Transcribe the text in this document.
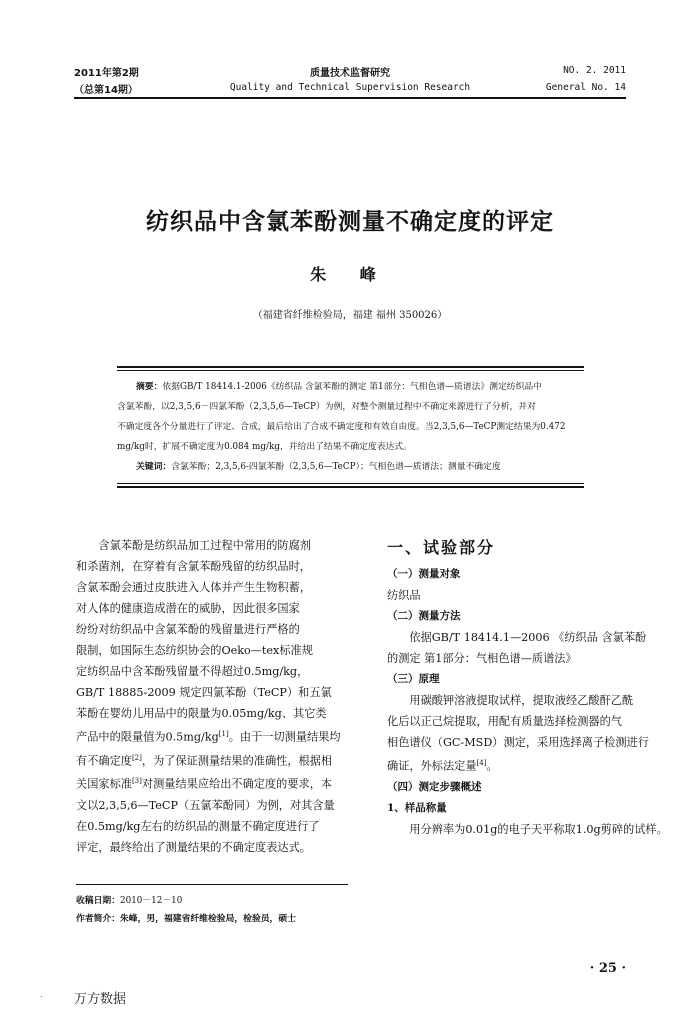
2011年第2期
（总第14期）
质量技术监督研究
Quality and Technical Supervision Research
NO. 2. 2011
General No. 14
纺织品中含氯苯酚测量不确定度的评定
朱 峰
（福建省纤维检验局，福建 福州 350026）
摘要：依据GB/T 18414.1-2006《纺织品 含氯苯酚的测定 第1部分：气相色谱—质谱法》测定纺织品中
含氯苯酚，以2,3,5,6－四氯苯酚（2,3,5,6—TeCP）为例，对整个测量过程中不确定来源进行了分析，并对
不确定度各个分量进行了评定、合成，最后给出了合成不确定度和有效自由度。当2,3,5,6—TeCP测定结果为0.472
mg/kg时，扩展不确定度为0.084 mg/kg，并给出了结果不确定度表达式。
关键词：含氯苯酚；2,3,5,6-四氯苯酚（2,3,5,6—TeCP）；气相色谱—质谱法；测量不确定度

　　含氯苯酚是纺织品加工过程中常用的防腐剂

和杀菌剂，在穿着有含氯苯酚残留的纺织品时，

含氯苯酚会通过皮肤进入人体并产生生物积蓄，

对人体的健康造成潜在的威胁，因此很多国家

纷纷对纺织品中含氯苯酚的残留量进行严格的

限制，如国际生态纺织协会的Oeko—tex标准规

定纺织品中含苯酚残留量不得超过0.5mg/kg，

GB/T 18885-2009 规定四氯苯酚（TeCP）和五氯

苯酚在婴幼儿用品中的限量为0.05mg/kg、其它类

产品中的限量值为0.5mg/kg[1]。由于一切测量结果均

有不确定度[2]，为了保证测量结果的准确性，根据相

关国家标准[3]对测量结果应给出不确定度的要求，本

文以2,3,5,6—TeCP（五氯苯酚同）为例，对其含量

在0.5mg/kg左右的纺织品的测量不确定度进行了

评定，最终给出了测量结果的不确定度表达式。

一、试验部分

（一）测量对象

纺织品

（二）测量方法

　　依据GB/T 18414.1—2006 《纺织品 含氯苯酚

的测定 第1部分：气相色谱—质谱法》

（三）原理

　　用碳酸钾溶液提取试样，提取液经乙酸酐乙酰

化后以正己烷提取，用配有质量选择检测器的气

相色谱仪（GC-MSD）测定，采用选择离子检测进行

确证，外标法定量[4]。

（四）测定步骤概述

1、样品称量

　　用分辨率为0.01g的电子天平称取1.0g剪碎的试样。

收稿日期：2010－12－10
作者简介：朱峰，男，福建省纤维检验局，检验员，硕士
· 25 ·
. 万方数据
